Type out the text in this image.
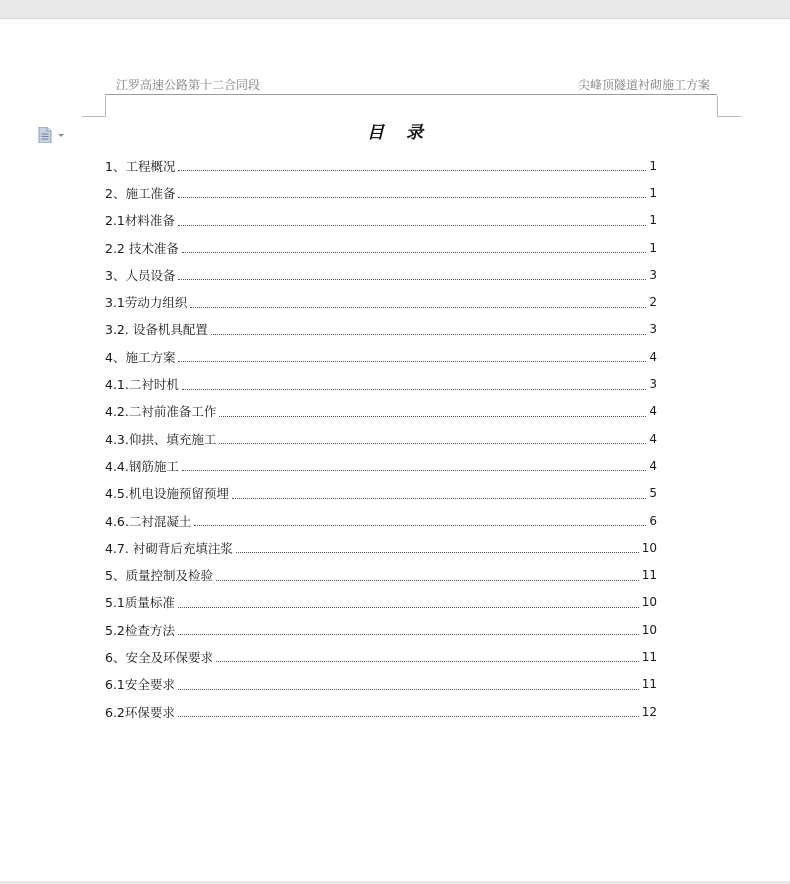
江罗高速公路第十二合同段	尖峰顶隧道衬砌施工方案
目录
1、工程概况	1
2、施工准备	1
2.1材料准备	1
2.2 技术准备	1
3、人员设备	3
3.1劳动力组织	2
3.2. 设备机具配置	3
4、施工方案	4
4.1.二衬时机	3
4.2.二衬前准备工作	4
4.3.仰拱、填充施工	4
4.4.钢筋施工	4
4.5.机电设施预留预埋	5
4.6.二衬混凝土	6
4.7. 衬砌背后充填注浆	10
5、质量控制及检验	11
5.1质量标准	10
5.2检查方法	10
6、安全及环保要求	11
6.1安全要求	11
6.2环保要求	12
